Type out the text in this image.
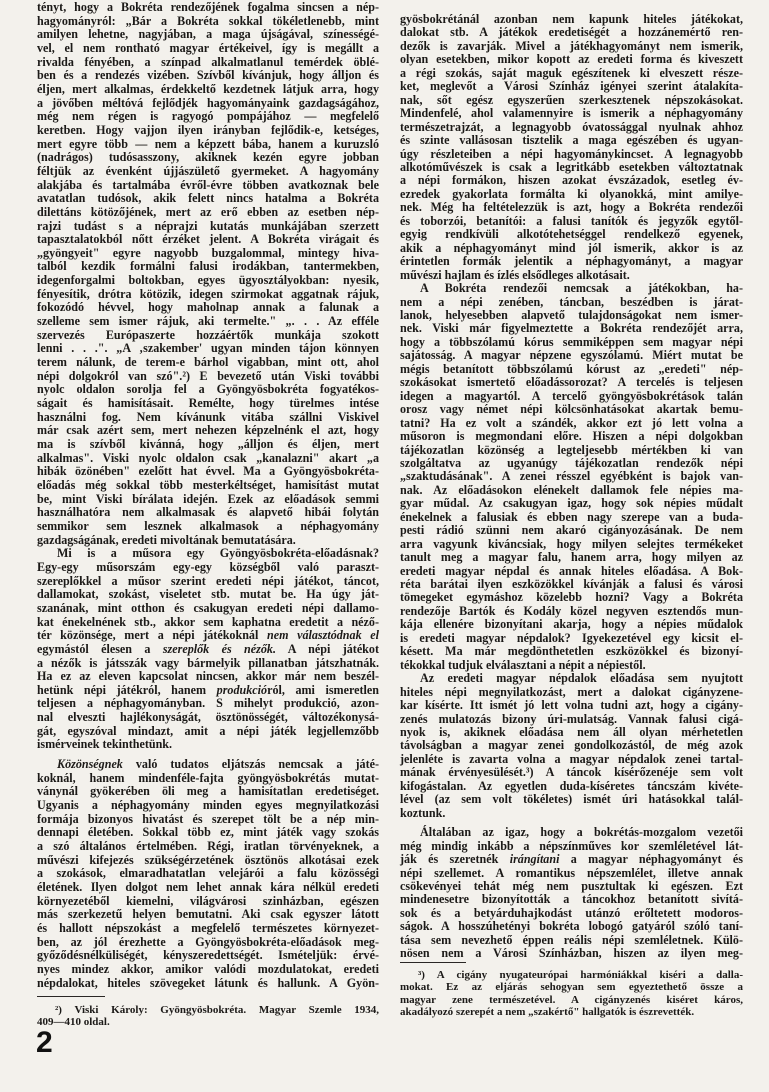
tényt, hogy a Bokréta rendezőjének fogalma sincsen a nép-
hagyományról: „Bár a Bokréta sokkal tökéletlenebb, mint
amilyen lehetne, nagyjában, a maga újságával, színességé-
vel, el nem rontható magyar értékeivel, így is megállt a
rivalda fényében, a színpad alkalmatlanul temérdek öblé-
ben és a rendezés vizében. Szívből kívánjuk, hogy álljon és
éljen, mert alkalmas, érdekkeltő kezdetnek látjuk arra, hogy
a jövőben méltóvá fejlődjék hagyományaink gazdagságához,
még nem régen is ragyogó pompájához — megfelelő
keretben. Hogy vajjon ilyen irányban fejlődik-e, ketséges,
mert egyre több — nem a képzett bába, hanem a kuruzsló
(nadrágos) tudósasszony, akiknek kezén egyre jobban
féltjük az évenként újjászülető gyermeket. A hagyomány
alakjába és tartalmába évről-évre többen avatkoznak bele
avatatlan tudósok, akik felett nincs hatalma a Bokréta
dilettáns kötözőjének, mert az erő ebben az esetben nép-
rajzi tudást s a néprajzi kutatás munkájában szerzett
tapasztalatokból nőtt érzéket jelent. A Bokréta virágait és
„gyöngyeit" egyre nagyobb buzgalommal, mintegy hiva-
talból kezdik formálni falusi irodákban, tantermekben,
idegenforgalmi boltokban, egyes ügyosztályokban: nyesik,
fényesítik, drótra kötözik, idegen szirmokat aggatnak rájuk,
fokozódó hévvel, hogy maholnap annak a falunak a
szelleme sem ismer rájuk, aki termelte." „. . . Az efféle
szervezés Európaszerte hozzáértők munkája szokott
lenni . . .". „A ‚szakember' ugyan minden tájon könnyen
terem nálunk, de terem-e bárhol vigabban, mint ott, ahol
népi dolgokról van szó".²) E bevezető után Viski további
nyolc oldalon sorolja fel a Gyöngyösbokréta fogyatékos-
ságait és hamisításait. Remélte, hogy türelmes intése
használni fog. Nem kívánunk vitába szállni Viskivel
már csak azért sem, mert nehezen képzelnénk el azt, hogy
ma is szívből kivánná, hogy „álljon és éljen, mert
alkalmas". Viski nyolc oldalon csak „kanalazni" akart „a
hibák özönében" ezelőtt hat évvel. Ma a Gyöngyösbokréta-
előadás még sokkal több mesterkéltséget, hamisítást mutat
be, mint Viski bírálata idején. Ezek az előadások semmi
használhatóra nem alkalmasak és alapvető hibái folytán
semmikor sem lesznek alkalmasok a néphagyomány
gazdagságának, eredeti mivoltának bemutatására.
Mi is a műsora egy Gyöngyösbokréta-előadásnak?
Egy-egy műsorszám egy-egy községből való paraszt-
szereplőkkel a műsor szerint eredeti népi játékot, táncot,
dallamokat, szokást, viseletet stb. mutat be. Ha úgy ját-
szanának, mint otthon és csakugyan eredeti népi dallamo-
kat énekelnének stb., akkor sem kaphatna eredetit a néző-
tér közönsége, mert a népi játékoknál nem választódnak el
egymástól élesen a szereplők és nézők. A népi játékot
a nézők is játsszák vagy bármelyik pillanatban játszhatnák.
Ha ez az eleven kapcsolat nincsen, akkor már nem beszél-
hetünk népi játékról, hanem produkcióról, ami ismeretlen
teljesen a néphagyományban. S mihelyt produkció, azon-
nal elveszti hajlékonyságát, ösztönösségét, változékonysá-
gát, egyszóval mindazt, amit a népi játék legjellemzőbb
ismérveinek tekinthetünk.
Közönségnek való tudatos eljátszás nemcsak a játé-
koknál, hanem mindenféle-fajta gyöngyösbokrétás mutat-
ványnál gyökerében öli meg a hamisítatlan eredetiséget.
Ugyanis a néphagyomány minden egyes megnyilatkozási
formája bizonyos hivatást és szerepet tölt be a nép min-
dennapi életében. Sokkal több ez, mint játék vagy szokás
a szó általános értelmében. Régi, iratlan törvényeknek, a
művészi kifejezés szükségérzetének ösztönös alkotásai ezek
a szokások, elmaradhatatlan velejárói a falu közösségi
életének. Ilyen dolgot nem lehet annak kára nélkül eredeti
környezetéből kiemelni, világvárosi szinházban, egészen
más szerkezetű helyen bemutatni. Aki csak egyszer látott
és hallott népszokást a megfelelő természetes környezet-
ben, az jól érezhette a Gyöngyösbokréta-előadások meg-
győződésnélküliségét, kényszeredettségét. Ismételjük: érvé-
nyes mindez akkor, amikor valódi mozdulatokat, eredeti
népdalokat, hiteles szövegeket látunk és hallunk. A Gyön-
gyösbokrétánál azonban nem kapunk hiteles játékokat,
dalokat stb. A játékok eredetiségét a hozzánemértő ren-
dezők is zavarják. Mivel a játékhagyományt nem ismerik,
olyan esetekben, mikor kopott az eredeti forma és kiveszett
a régi szokás, saját maguk egészítenek ki elveszett része-
ket, meglevőt a Városi Színház igényei szerint átalakíta-
nak, sőt egész egyszerűen szerkesztenek népszokásokat.
Mindenfelé, ahol valamennyire is ismerik a néphagyomány
természetrajzát, a legnagyobb óvatossággal nyulnak ahhoz
és szinte vallásosan tisztelik a maga egészében és ugyan-
úgy részleteiben a népi hagyománykincset. A legnagyobb
alkotóművészek is csak a legritkább esetekben változtatnak
a népi formákon, hiszen azokat évszázadok, esetleg év-
ezredek gyakorlata formálta ki olyanokká, mint amilye-
nek. Még ha feltételezzük is azt, hogy a Bokréta rendezői
és toborzói, betanítói: a falusi tanítók és jegyzők egytől-
egyig rendkívüli alkotótehetséggel rendelkező egyenek,
akik a néphagyományt mind jól ismerik, akkor is az
érintetlen formák jelentik a néphagyományt, a magyar
művészi hajlam és ízlés elsődleges alkotásait.
A Bokréta rendezői nemcsak a játékokban, ha-
nem a népi zenében, táncban, beszédben is járat-
lanok, helyesebben alapvető tulajdonságokat nem ismer-
nek. Viski már figyelmeztette a Bokréta rendezőjét arra,
hogy a többszólamú kórus semmiképpen sem magyar népi
sajátosság. A magyar népzene egyszólamú. Miért mutat be
mégis betanított többszólamú kórust az „eredeti" nép-
szokásokat ismertető előadássorozat? A tercelés is teljesen
idegen a magyartól. A tercelő gyöngyösbokrétások talán
orosz vagy német népi kölcsönhatásokat akartak bemu-
tatni? Ha ez volt a szándék, akkor ezt jó lett volna a
műsoron is megmondani előre. Hiszen a népi dolgokban
tájékozatlan közönség a legteljesebb mértékben ki van
szolgáltatva az ugyanúgy tájékozatlan rendezők népi
„szaktudásának". A zenei résszel egyébként is bajok van-
nak. Az előadásokon elénekelt dallamok fele népies ma-
gyar műdal. Az csakugyan igaz, hogy sok népies műdalt
énekelnek a falusiak és ebben nagy szerepe van a buda-
pesti rádió szünni nem akaró cigányozásának. De nem
arra vagyunk kiváncsiak, hogy milyen selejtes termékeket
tanult meg a magyar falu, hanem arra, hogy milyen az
eredeti magyar népdal és annak hiteles előadása. A Bok-
réta barátai ilyen eszközökkel kívánják a falusi és városi
tömegeket egymáshoz közelebb hozni? Vagy a Bokréta
rendezője Bartók és Kodály közel negyven esztendős mun-
kája ellenére bizonyítani akarja, hogy a népies műdalok
is eredeti magyar népdalok? Igyekezetével egy kicsit el-
késett. Ma már megdönthetetlen eszközökkel és bizonyí-
tékokkal tudjuk elválasztani a népit a népiestől.
Az eredeti magyar népdalok előadása sem nyujtott
hiteles népi megnyilatkozást, mert a dalokat cigányzene-
kar kísérte. Itt ismét jó lett volna tudni azt, hogy a cigány-
zenés mulatozás bizony úri-mulatság. Vannak falusi cigá-
nyok is, akiknek előadása nem áll olyan mérhetetlen
távolságban a magyar zenei gondolkozástól, de még azok
jelenléte is zavarta volna a magyar népdalok zenei tartal-
mának érvényesülését.³) A táncok kísérőzenéje sem volt
kifogástalan. Az egyetlen duda-kíséretes táncszám kivéte-
lével (az sem volt tökéletes) ismét úri hatásokkal talál-
koztunk.
Általában az igaz, hogy a bokrétás-mozgalom vezetői
még mindig inkább a népszínműves kor szemléletével lát-
ják és szeretnék irángítani a magyar néphagyományt és
népi szellemet. A romantikus népszemlélet, illetve annak
csökevényei tehát még nem pusztultak ki egészen. Ezt
mindenesetre bizonyították a táncokhoz betanított sivítá-
sok és a betyárduhajkodást utánzó erőltetett modoros-
ságok. A hosszúhetényi bokréta lobogó gatyáról szóló taní-
tása sem nevezhető éppen reális népi szemléletnek. Külö-
nösen nem a Városi Színházban, hiszen az ilyen meg-
²) Viski Károly: Gyöngyösbokréta. Magyar Szemle 1934,
409—410 oldal.
³) A cigány nyugateurópai harmóniákkal kiséri a dalla-
mokat. Ez az eljárás sehogyan sem egyeztethető össze a
magyar zene természetével. A cigányzenés kiséret káros,
akadályozó szerepét a nem „szakértő" hallgatók is észrevették.
2
